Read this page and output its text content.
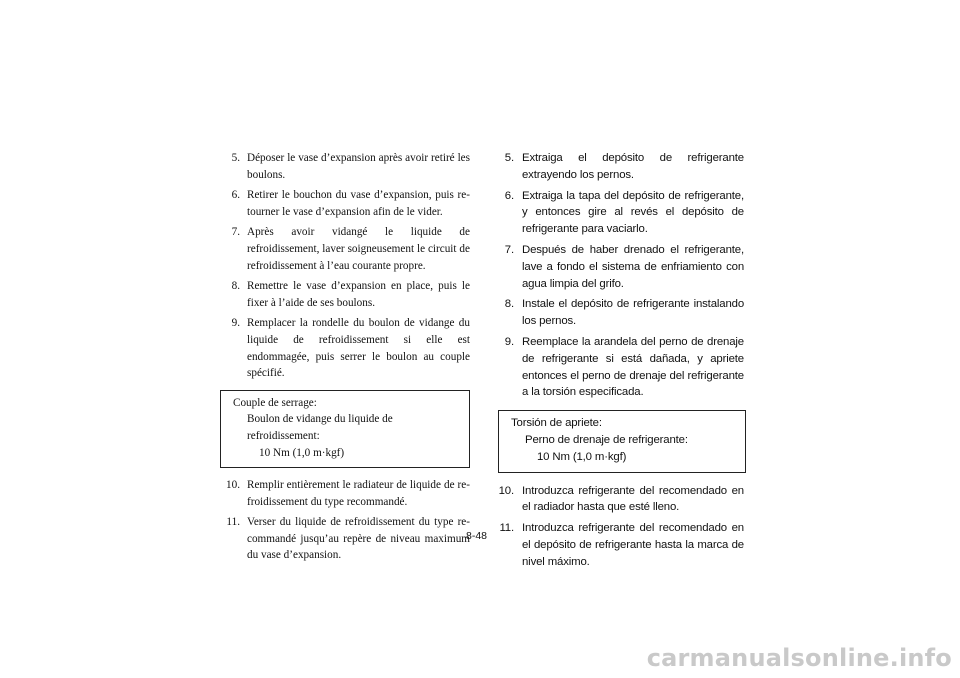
5. Déposer le vase d’expansion après avoir retiré les boulons.
6. Retirer le bouchon du vase d’expansion, puis retourner le vase d’expansion afin de le vider.
7. Après avoir vidangé le liquide de refroidissement, laver soigneusement le circuit de refroidissement à l’eau courante propre.
8. Remettre le vase d’expansion en place, puis le fixer à l’aide de ses boulons.
9. Remplacer la rondelle du boulon de vidange du liquide de refroidissement si elle est endommagée, puis serrer le boulon au couple spécifié.
Couple de serrage:
Boulon de vidange du liquide de refroidissement:
10 Nm (1,0 m·kgf)
10. Remplir entièrement le radiateur de liquide de refroidissement du type recommandé.
11. Verser du liquide de refroidissement du type recommandé jusqu’au repère de niveau maximum du vase d’expansion.
5. Extraiga el depósito de refrigerante extrayendo los pernos.
6. Extraiga la tapa del depósito de refrigerante, y entonces gire al revés el depósito de refrigerante para vaciarlo.
7. Después de haber drenado el refrigerante, lave a fondo el sistema de enfriamiento con agua limpia del grifo.
8. Instale el depósito de refrigerante instalando los pernos.
9. Reemplace la arandela del perno de drenaje de refrigerante si está dañada, y apriete entonces el perno de drenaje del refrigerante a la torsión especificada.
Torsión de apriete:
Perno de drenaje de refrigerante:
10 Nm (1,0 m·kgf)
10. Introduzca refrigerante del recomendado en el radiador hasta que esté lleno.
11. Introduzca refrigerante del recomendado en el depósito de refrigerante hasta la marca de nivel máximo.
8-48
carmanualsonline.info
